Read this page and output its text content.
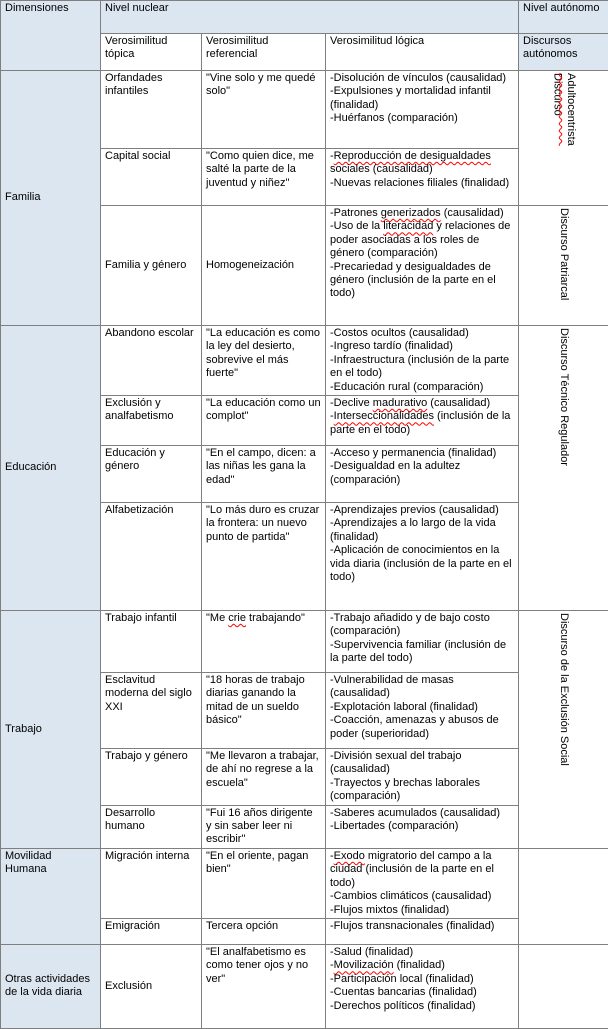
Dimensiones	Nivel nuclear			Nivel autónomo
	Verosimilitud tópica	Verosimilitud referencial	Verosimilitud lógica	Discursos autónomos
Familia	Orfandades infantiles	"Vine solo y me quedé solo"	-Disolución de vínculos (causalidad)
-Expulsiones y mortalidad infantil (finalidad)
-Huérfanos (comparación)	Discurso
Adultocentrista
	Capital social	"Como quien dice, me salté la parte de la juventud y niñez"	-Reproducción de desigualdades sociales (causalidad)
-Nuevas relaciones filiales (finalidad)	
	Familia y género	Homogeneización	-Patrones generizados (causalidad)
-Uso de la literacidad y relaciones de poder asociadas a los roles de género (comparación)
-Precariedad y desigualdades de género (inclusión de la parte en el todo)	Discurso Patriarcal
Educación	Abandono escolar	"La educación es como la ley del desierto, sobrevive el más fuerte"	-Costos ocultos (causalidad)
-Ingreso tardío (finalidad)
-Infraestructura (inclusión de la parte en el todo)
-Educación rural (comparación)	Discurso Técnico Regulador
	Exclusión y analfabetismo	"La educación como un complot"	-Declive madurativo (causalidad)
-Interseccionalidades (inclusión de la parte en el todo)	
	Educación y género	"En el campo, dicen: a las niñas les gana la edad"	-Acceso y permanencia (finalidad)
-Desigualdad en la adultez (comparación)	
	Alfabetización	"Lo más duro es cruzar la frontera: un nuevo punto de partida"	-Aprendizajes previos (causalidad)
-Aprendizajes a lo largo de la vida (finalidad)
-Aplicación de conocimientos en la vida diaria (inclusión de la parte en el todo)	
Trabajo	Trabajo infantil	"Me crie trabajando"	-Trabajo añadido y de bajo costo (comparación)
-Supervivencia familiar (inclusión de la parte del todo)	Discurso de la Exclusión Social
	Esclavitud moderna del siglo XXI	"18 horas de trabajo diarias ganando la mitad de un sueldo básico"	-Vulnerabilidad de masas (causalidad)
-Explotación laboral (finalidad)
-Coacción, amenazas y abusos de poder (superioridad)	
	Trabajo y género	"Me llevaron a trabajar, de ahí no regrese a la escuela"	-División sexual del trabajo (causalidad)
-Trayectos y brechas laborales (comparación)	
	Desarrollo humano	"Fui 16 años dirigente y sin saber leer ni escribir"	-Saberes acumulados (causalidad)
-Libertades (comparación)	
Movilidad Humana	Migración interna	"En el oriente, pagan bien"	-Exodo migratorio del campo a la ciudad (inclusión de la parte en el todo)
-Cambios climáticos (causalidad)
-Flujos mixtos (finalidad)	
	Emigración	Tercera opción	-Flujos transnacionales (finalidad)	
Otras actividades de la vida diaria	Exclusión	"El analfabetismo es como tener ojos y no ver"	-Salud (finalidad)
-Movilización (finalidad)
-Participación local (finalidad)
-Cuentas bancarias (finalidad)
-Derechos políticos (finalidad)	
